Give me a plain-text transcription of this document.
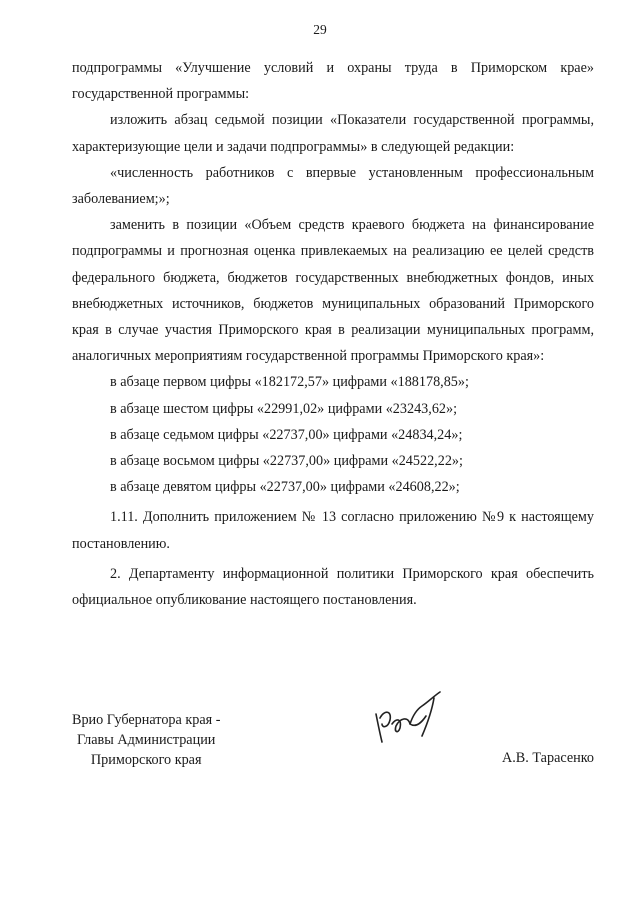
29

подпрограммы «Улучшение условий и охраны труда в Приморском крае» государственной программы:

изложить абзац седьмой позиции «Показатели государственной программы, характеризующие цели и задачи подпрограммы» в следующей редакции:

«численность работников с впервые установленным профессиональным заболеванием;»;

заменить в позиции «Объем средств краевого бюджета на финансирование подпрограммы и прогнозная оценка привлекаемых на реализацию ее целей средств федерального бюджета, бюджетов государственных внебюджетных фондов, иных внебюджетных источников, бюджетов муниципальных образований Приморского края в случае участия Приморского края в реализации муниципальных программ, аналогичных мероприятиям государственной программы Приморского края»:

в абзаце первом цифры «182172,57» цифрами «188178,85»;

в абзаце шестом цифры «22991,02» цифрами «23243,62»;

в абзаце седьмом цифры «22737,00» цифрами «24834,24»;

в абзаце восьмом цифры «22737,00» цифрами «24522,22»;

в абзаце девятом цифры «22737,00» цифрами «24608,22»;

1.11. Дополнить приложением № 13 согласно приложению №9 к настоящему постановлению.

2. Департаменту информационной политики Приморского края обеспечить официальное опубликование настоящего постановления.

Врио Губернатора края -
Главы Администрации
Приморского края	А.В. Тарасенко
